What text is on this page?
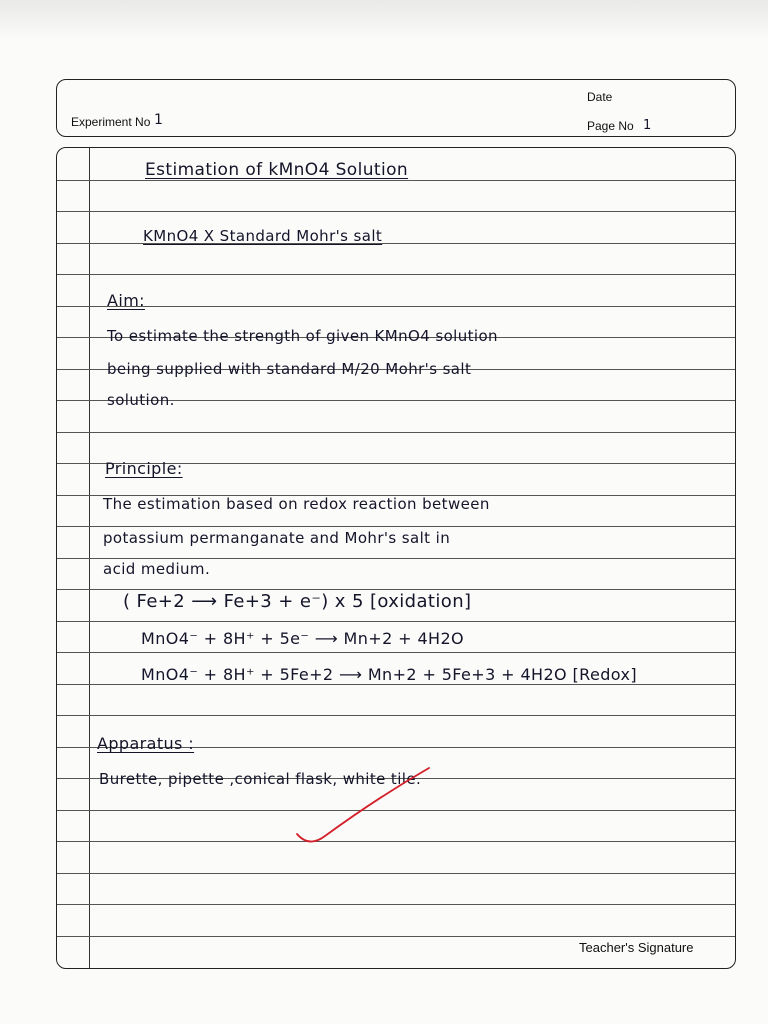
Date
Experiment No 1	Page No 1
Estimation of kMnO4 Solution
KMnO4 X Standard Mohr's salt
Aim:
To estimate the strength of given KMnO4 solution
being supplied with standard M/20 Mohr's salt
solution.
Principle:
The estimation based on redox reaction between
potassium permanganate and Mohr's salt in
acid medium.
( Fe+2 ⟶ Fe+3 + e⁻) x 5 [oxidation]
MnO4⁻ + 8H⁺ + 5e⁻ ⟶ Mn+2 + 4H2O
MnO4⁻ + 8H⁺ + 5Fe+2 ⟶ Mn+2 + 5Fe+3 + 4H2O [Redox]
Apparatus :
Burette, pipette ,conical flask, white tile.
Teacher's Signature
